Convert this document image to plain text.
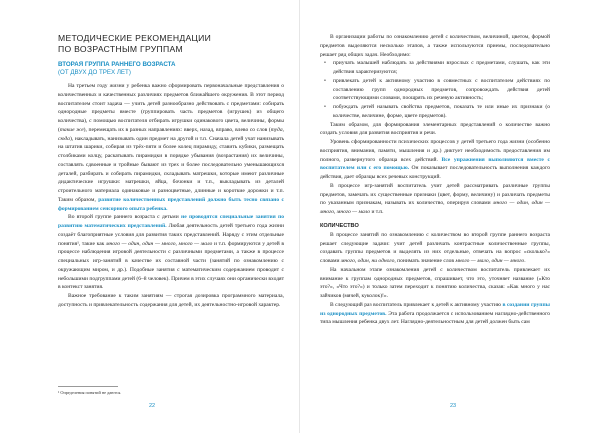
МЕТОДИЧЕСКИЕ РЕКОМЕНДАЦИИ
ПО ВОЗРАСТНЫМ ГРУППАМ
ВТОРАЯ ГРУППА РАННЕГО ВОЗРАСТА
(ОТ ДВУХ ДО ТРЕХ ЛЕТ)

На третьем году жизни у ребенка важно сформировать первоначальные представления о количественных и качественных различиях предметов ближайшего окружения. В этот период воспитателем стоит задача — учить детей разнообразно действовать с предметами: собирать однородные предметы вместе (группировать часть предметов (игрушек) из общего количества), с помощью воспитателя отбирать игрушки одинакового цвета, величины, формы (такие же), перемещать их в разных направлениях: вверх, назад, вправо, влево со слов (туда, сюда), накладывать, нанизывать один предмет на другой и т.п. Сначала детей учат нанизывать на штатив шарики, собирая из трёх-пяти и более колец пирамиду, ставить кубики, размещать столбиками колцу, раскатывать пирамидки в порядке убывания (возрастания) их величины, составлять сдвоенные и тройные бывают из трех и более последовательно уменьшающихся деталей, разбирать и собирать пирамидки, складывать матрешки, которые имеют различные дидактические игрушки: матрешки, яйца, бочонки и т.п., выкладывать из деталей строительного материала одинаковые и разноцветные, длинные и короткие дорожки и т.п. Таким образом, развитие количественных представлений должно быть тесно связано с формированием сенсорного опыта ребенка.

Во второй группе раннего возраста с детьми не проводятся специальные занятия по развитию математических представлений. Любая деятельность детей третьего года жизни создаёт благоприятные условия для развития таких представлений. Наряду с этим отдельные понятия¹, такие как много — один, один — много, много — мало и т.п. формируются у детей в процессе наблюдения игровой деятельности с различными предметами, а также в процессе специальных игр-занятий в качестве их составной части (занятий по ознакомлению с окружающим миром, и др.). Подобные занятия с математическим содержанием проводит с небольшими подгруппами детей (6–8 человек). Причем в этих случаях они органически входят в контекст занятия.

Важное требование к таким занятиям — строгая дозировка программного материала, доступность и привлекательность содержания для детей, их деятельностно-игровой характер.

¹ Определения понятий не даются.
22

В организации работы по ознакомлению детей с количеством, величиной, цветом, формой предметов выделяются несколько этапов, а также используются приемы, последовательно решает ряд общих задач. Необходимо:

• приучать малышей наблюдать за действиями взрослых с предметами, слушать, как эти действия характеризуются;
• привлекать детей к активному участию в совместных с воспитателем действиях по составлению групп однородных предметов, сопровождать действия детей соответствующими словами, поощрять их речевую активность;
• побуждать детей называть свойства предметов, показать те или иные их признаки (о количестве, величине, форме, цвете предметов).

Таким образом, для формирования элементарных представлений о количестве важно создать условия для развития восприятия и речи.

Уровень сформированности психических процессов у детей третьего года жизни (особенно восприятия, внимания, памяти, мышления и др.) диктует необходимость предоставления им полного, развернутого образца всех действий. Все упражнения выполняются вместе с воспитателем или с его помощью. Он показывает последовательность выполнения каждого действия, дает образцы всех речевых конструкций.

В процессе игр-занятий воспитатель учит детей рассматривать различные группы предметов, замечать их существенные признаки (цвет, форму, величину) и различать предметы по указанным признакам, называть их количество, оперируя словами много — один, один — много, много — мало и т.п.

КОЛИЧЕСТВО

В процессе занятий по ознакомлению с количеством во второй группе раннего возраста решает следующие задачи: учит детей различать контрастные количественные группы, создавать группы предметов и выделять из них отдельные, отвечать на вопрос «сколько?» словами много, один, ни одного, понимать значение слов много — мало, один — много.

На начальном этапе ознакомления детей с количеством воспитатель привлекает их внимание к группам однородных предметов, спрашивает, что это, уточняет название («Кто это?», «Что это?») и только затем переходит к понятию количества, сказав: «Как много у нас зайчиков (мячей, куколок)!».

В следующий раз воспитатель привлекает к детей к активному участию в создании группы из однородных предметов. Эта работа продолжается с использованием наглядно-действенного типа мышления ребенка двух лет. Наглядно-деятельностным для детей должен быть сам

23
